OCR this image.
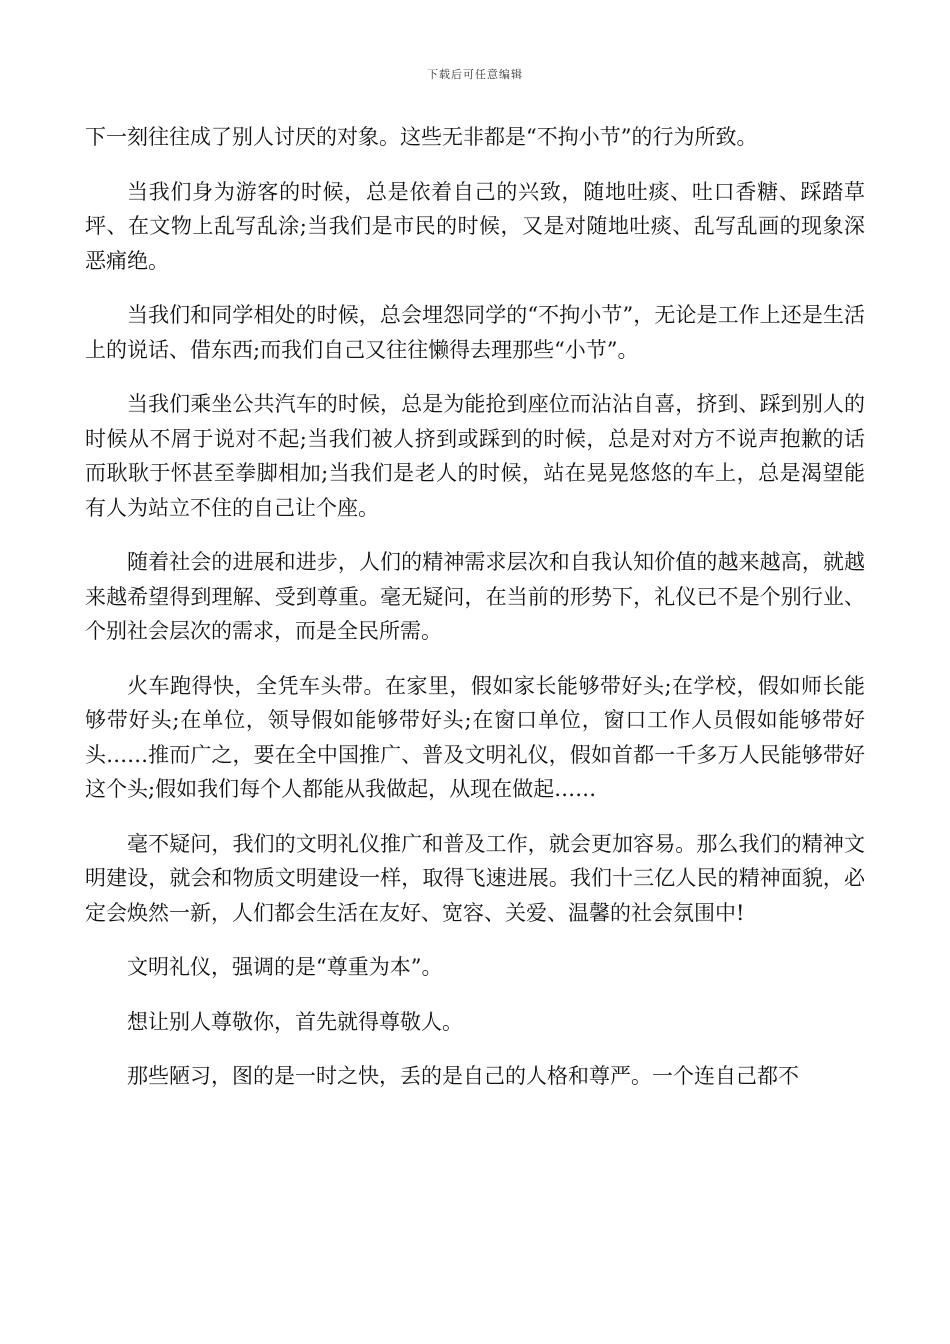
下载后可任意编辑

下一刻往往成了别人讨厌的对象。这些无非都是“不拘小节”的行为所致。

当我们身为游客的时候，总是依着自己的兴致，随地吐痰、吐口香糖、踩踏草坪、在文物上乱写乱涂;当我们是市民的时候，又是对随地吐痰、乱写乱画的现象深恶痛绝。

当我们和同学相处的时候，总会埋怨同学的“不拘小节”，无论是工作上还是生活上的说话、借东西;而我们自己又往往懒得去理那些“小节”。

当我们乘坐公共汽车的时候，总是为能抢到座位而沾沾自喜，挤到、踩到别人的时候从不屑于说对不起;当我们被人挤到或踩到的时候，总是对对方不说声抱歉的话而耿耿于怀甚至拳脚相加;当我们是老人的时候，站在晃晃悠悠的车上，总是渴望能有人为站立不住的自己让个座。

随着社会的进展和进步，人们的精神需求层次和自我认知价值的越来越高，就越来越希望得到理解、受到尊重。毫无疑问，在当前的形势下，礼仪已不是个别行业、个别社会层次的需求，而是全民所需。

火车跑得快，全凭车头带。在家里，假如家长能够带好头;在学校，假如师长能够带好头;在单位，领导假如能够带好头;在窗口单位，窗口工作人员假如能够带好头……推而广之，要在全中国推广、普及文明礼仪，假如首都一千多万人民能够带好这个头;假如我们每个人都能从我做起，从现在做起……

毫不疑问，我们的文明礼仪推广和普及工作，就会更加容易。那么我们的精神文明建设，就会和物质文明建设一样，取得飞速进展。我们十三亿人民的精神面貌，必定会焕然一新，人们都会生活在友好、宽容、关爱、温馨的社会氛围中!

文明礼仪，强调的是“尊重为本”。

想让别人尊敬你，首先就得尊敬人。

那些陋习，图的是一时之快，丢的是自己的人格和尊严。一个连自己都不
